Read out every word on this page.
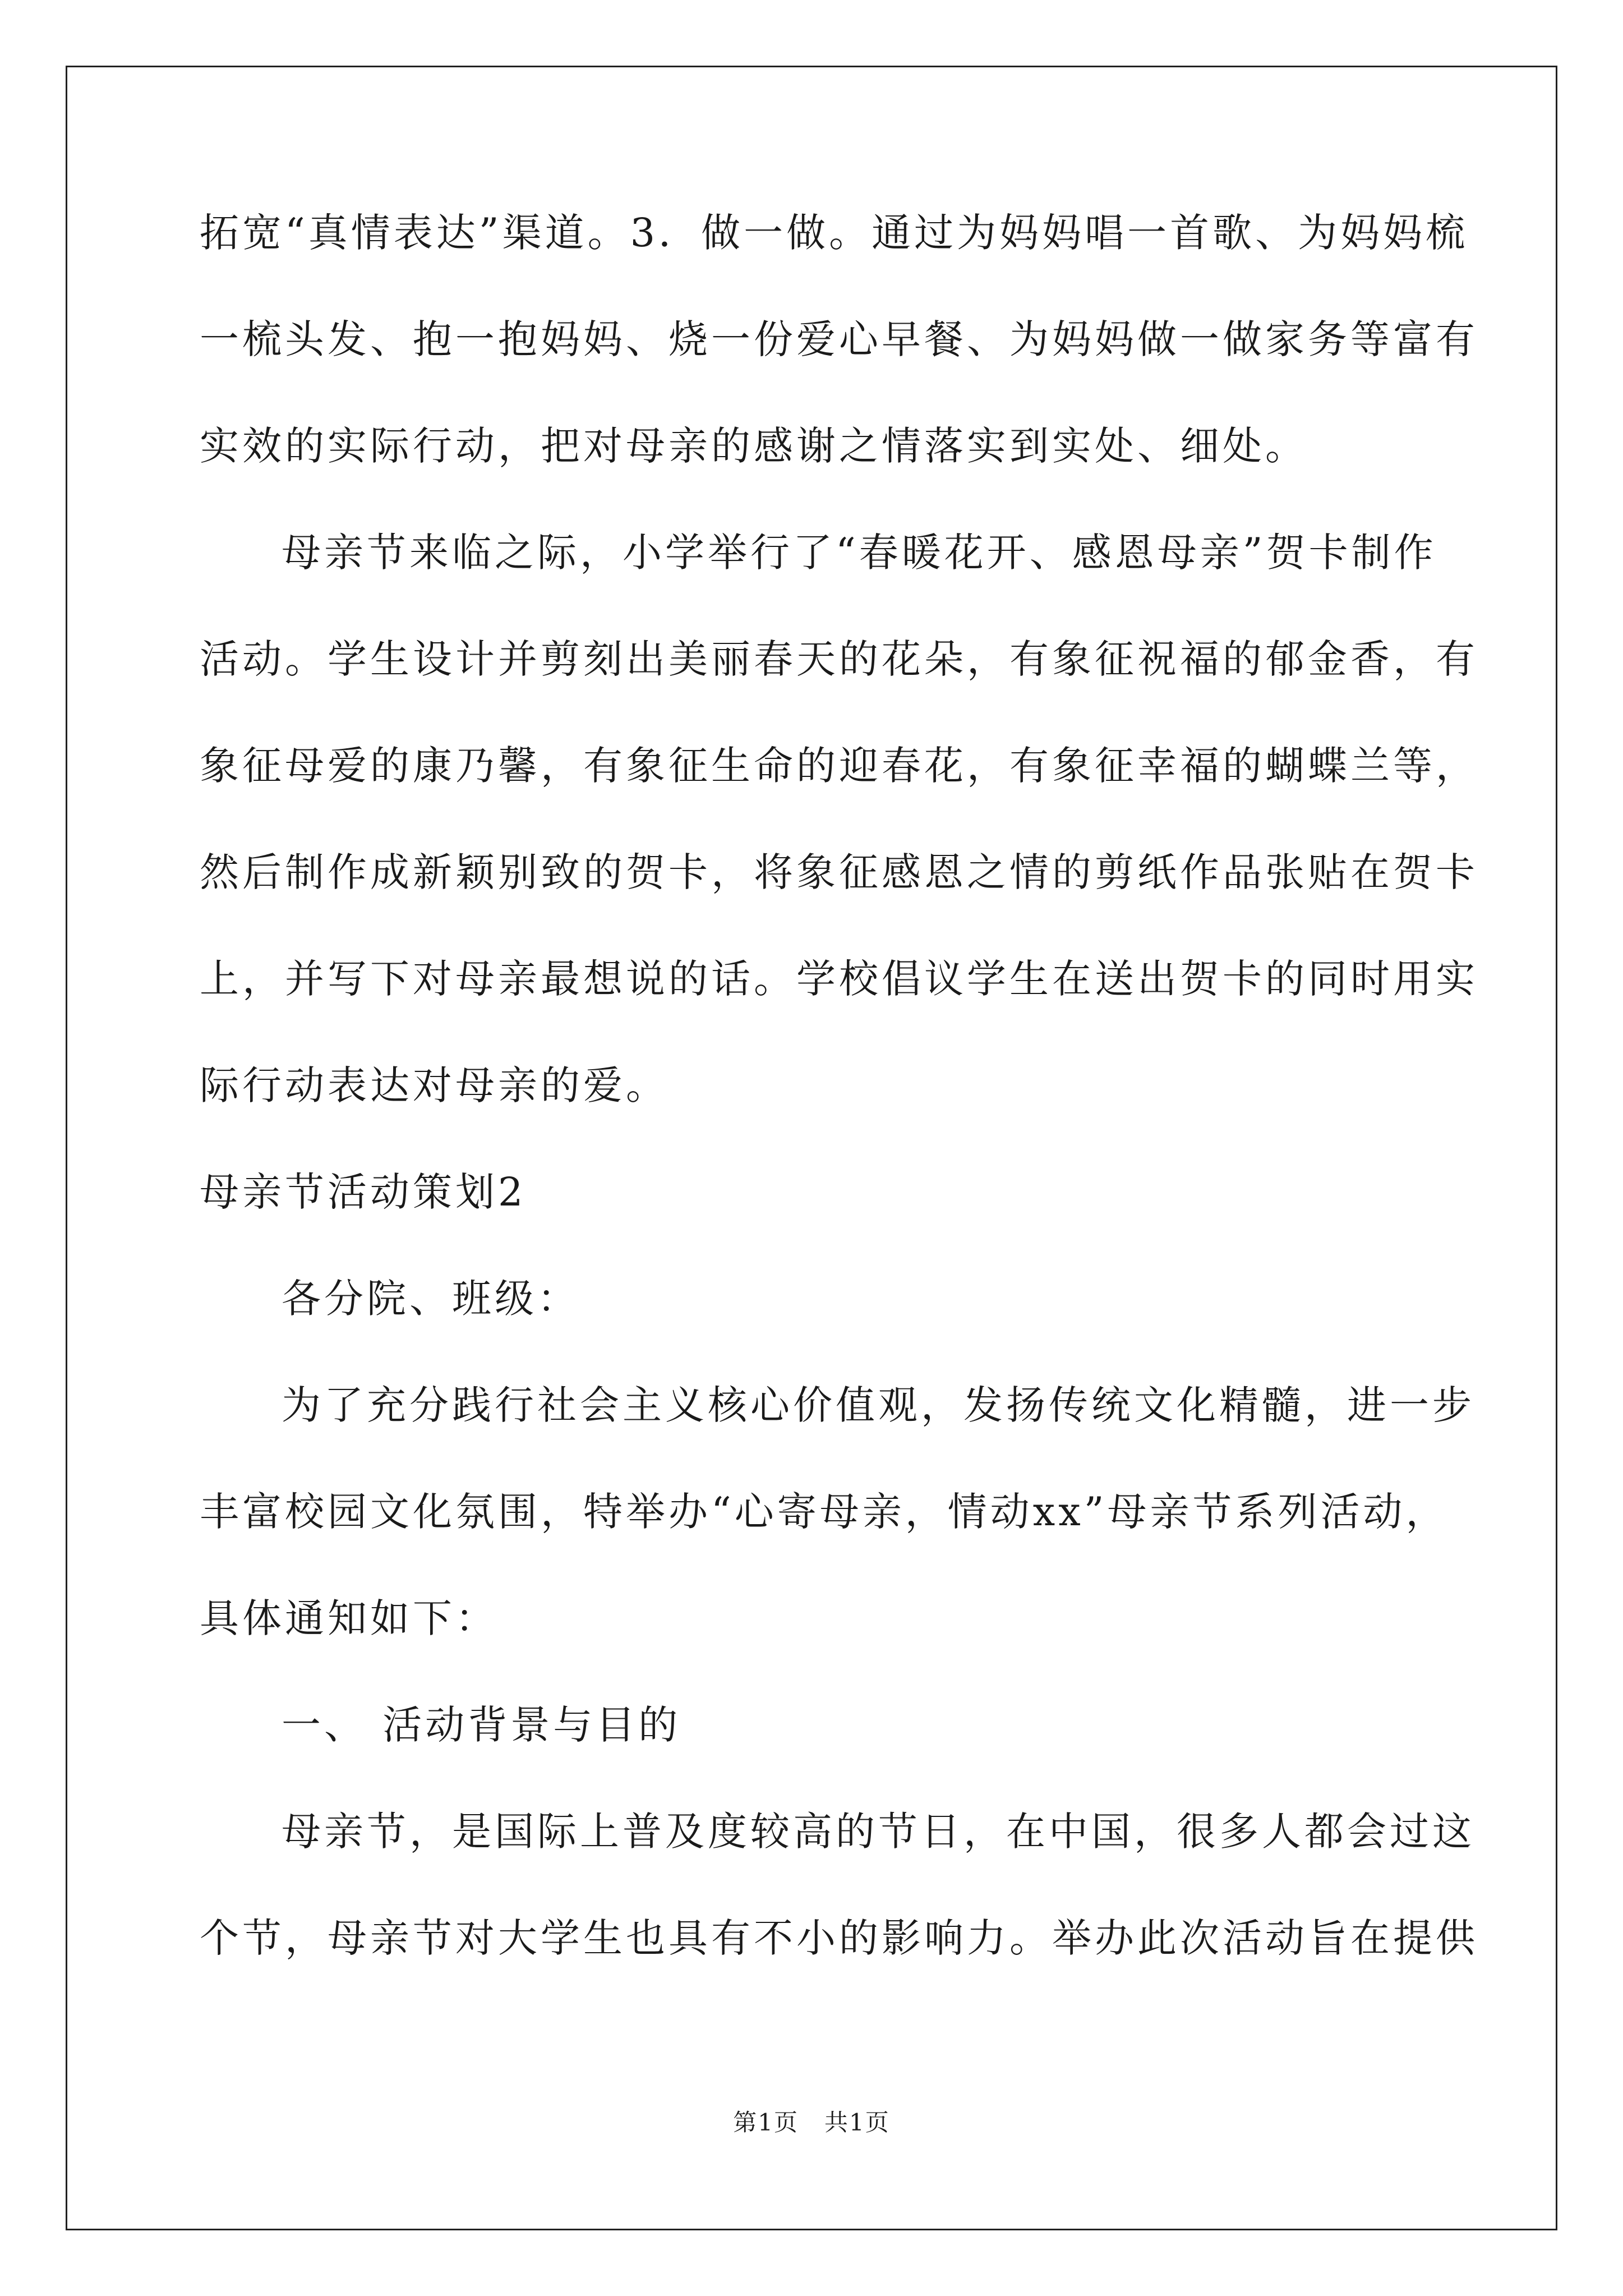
拓宽“真情表达”渠道。3．做一做。通过为妈妈唱一首歌、为妈妈梳
一梳头发、抱一抱妈妈、烧一份爱心早餐、为妈妈做一做家务等富有
实效的实际行动，把对母亲的感谢之情落实到实处、细处。
母亲节来临之际，小学举行了“春暖花开、感恩母亲”贺卡制作
活动。学生设计并剪刻出美丽春天的花朵，有象征祝福的郁金香，有
象征母爱的康乃馨，有象征生命的迎春花，有象征幸福的蝴蝶兰等，
然后制作成新颖别致的贺卡，将象征感恩之情的剪纸作品张贴在贺卡
上，并写下对母亲最想说的话。学校倡议学生在送出贺卡的同时用实
际行动表达对母亲的爱。
母亲节活动策划2
各分院、班级：
为了充分践行社会主义核心价值观，发扬传统文化精髓，进一步
丰富校园文化氛围，特举办“心寄母亲，情动xx”母亲节系列活动，
具体通知如下：
一、 活动背景与目的
母亲节，是国际上普及度较高的节日，在中国，很多人都会过这
个节，母亲节对大学生也具有不小的影响力。举办此次活动旨在提供
第1页   共1页
